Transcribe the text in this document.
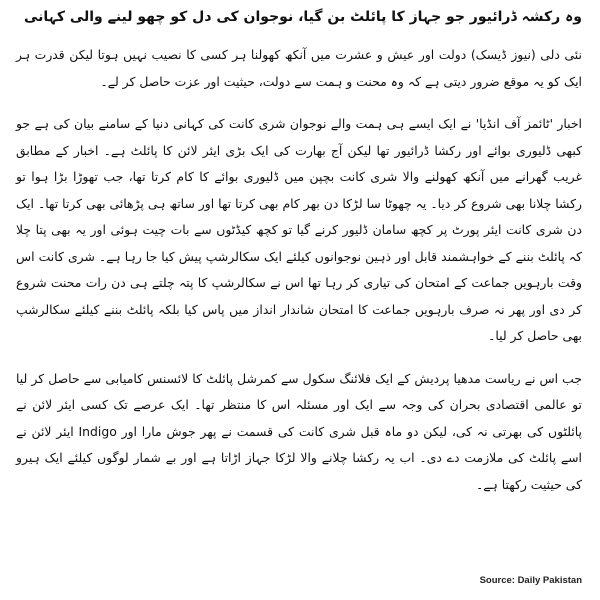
وہ رکشہ ڈرائیور جو جہاز کا پائلٹ بن گیا، نوجوان کی دل کو چھو لینے والی کہانی

نئی دلی (نیوز ڈیسک) دولت اور عیش و عشرت میں آنکھ کھولنا ہر کسی کا نصیب نہیں ہوتا لیکن قدرت ہر ایک کو یہ موقع ضرور دیتی ہے کہ وہ محنت و ہمت سے دولت، حیثیت اور عزت حاصل کر لے۔

اخبار 'ٹائمز آف انڈیا' نے ایک ایسے ہی ہمت والے نوجوان شری کانت کی کہانی دنیا کے سامنے بیان کی ہے جو کبھی ڈلیوری بوائے اور رکشا ڈرائیور تھا لیکن آج بھارت کی ایک بڑی ایئر لائن کا پائلٹ ہے۔ اخبار کے مطابق غریب گھرانے میں آنکھ کھولنے والا شری کانت بچپن میں ڈلیوری بوائے کا کام کرتا تھا، جب تھوڑا بڑا ہوا تو رکشا چلانا بھی شروع کر دیا۔ یہ چھوٹا سا لڑکا دن بھر کام بھی کرتا تھا اور ساتھ ہی پڑھائی بھی کرتا تھا۔ ایک دن شری کانت ایئر پورٹ پر کچھ سامان ڈلیور کرنے گیا تو کچھ کیڈٹوں سے بات چیت ہوئی اور یہ بھی پتا چلا کہ پائلٹ بننے کے خواہشمند قابل اور ذہین نوجوانوں کیلئے ایک سکالرشپ پیش کیا جا رہا ہے۔ شری کانت اس وقت بارہویں جماعت کے امتحان کی تیاری کر رہا تھا اس نے سکالرشپ کا پتہ چلتے ہی دن رات محنت شروع کر دی اور پھر نہ صرف بارہویں جماعت کا امتحان شاندار انداز میں پاس کیا بلکہ پائلٹ بننے کیلئے سکالرشپ بھی حاصل کر لیا۔

جب اس نے ریاست مدھیا پردیش کے ایک فلائنگ سکول سے کمرشل پائلٹ کا لائسنس کامیابی سے حاصل کر لیا تو عالمی اقتصادی بحران کی وجہ سے ایک اور مسئلہ اس کا منتظر تھا۔ ایک عرصے تک کسی ایئر لائن نے پائلٹوں کی بھرتی نہ کی، لیکن دو ماہ قبل شری کانت کی قسمت نے پھر جوش مارا اور Indigo ایئر لائن نے اسے پائلٹ کی ملازمت دے دی۔ اب یہ رکشا چلانے والا لڑکا جہاز اڑاتا ہے اور بے شمار لوگوں کیلئے ایک ہیرو کی حیثیت رکھتا ہے۔

Source: Daily Pakistan
